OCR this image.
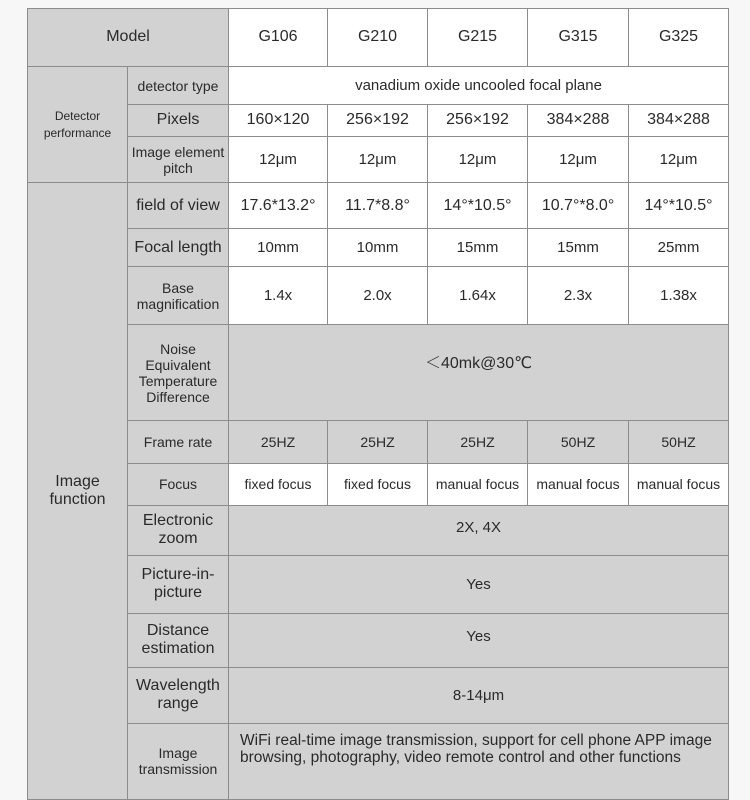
Model		G106	G210	G215	G315	G325
Detector performance	detector type	vanadium oxide uncooled focal plane				
	Pixels	160×120	256×192	256×192	384×288	384×288
	Image element pitch	12μm	12μm	12μm	12μm	12μm
Image function	field of view	17.6*13.2°	11.7*8.8°	14°*10.5°	10.7°*8.0°	14°*10.5°
	Focal length	10mm	10mm	15mm	15mm	25mm
	Base magnification	1.4x	2.0x	1.64x	2.3x	1.38x
	Noise Equivalent Temperature Difference	＜40mk@30℃				
	Frame rate	25HZ	25HZ	25HZ	50HZ	50HZ
	Focus	fixed focus	fixed focus	manual focus	manual focus	manual focus
	Electronic zoom	2X, 4X				
	Picture-in-picture	Yes				
	Distance estimation	Yes				
	Wavelength range	8-14μm				
	Image transmission	WiFi real-time image transmission, support for cell phone APP image browsing, photography, video remote control and other functions				
